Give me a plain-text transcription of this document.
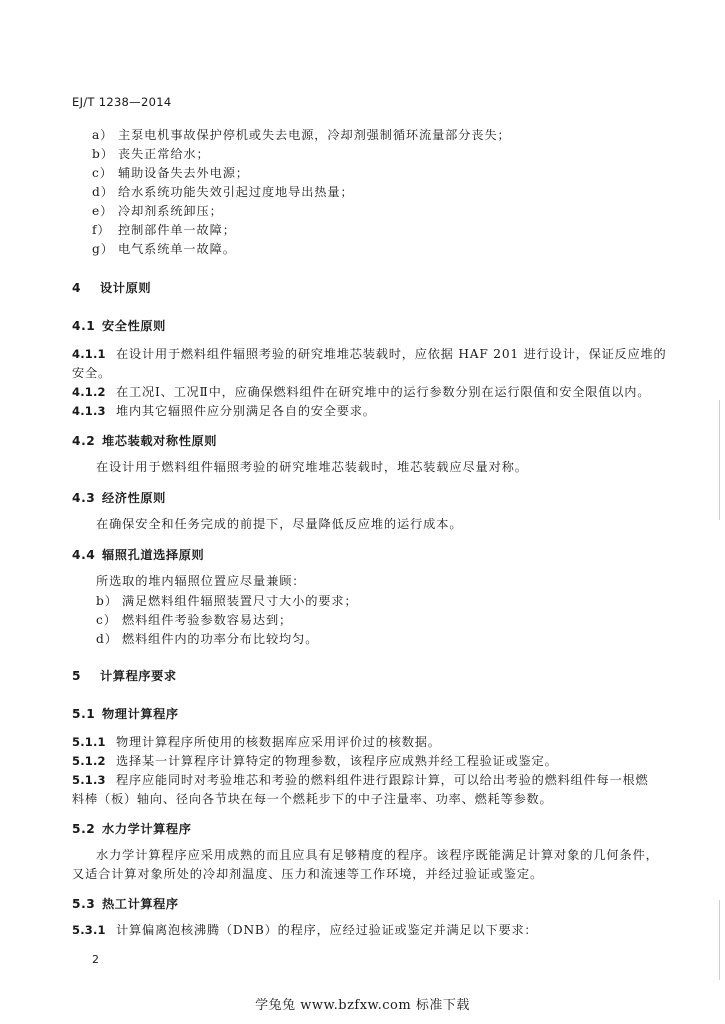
EJ/T 1238—2014
a） 主泵电机事故保护停机或失去电源，冷却剂强制循环流量部分丧失；
b） 丧失正常给水；
c） 辅助设备失去外电源；
d） 给水系统功能失效引起过度地导出热量；
e） 冷却剂系统卸压；
f） 控制部件单一故障；
g） 电气系统单一故障。
4 设计原则
4.1 安全性原则
4.1.1 在设计用于燃料组件辐照考验的研究堆堆芯装载时，应依据 HAF 201 进行设计，保证反应堆的
安全。
4.1.2 在工况Ⅰ、工况Ⅱ中，应确保燃料组件在研究堆中的运行参数分别在运行限值和安全限值以内。
4.1.3 堆内其它辐照件应分别满足各自的安全要求。
4.2 堆芯装载对称性原则
在设计用于燃料组件辐照考验的研究堆堆芯装载时，堆芯装载应尽量对称。
4.3 经济性原则
在确保安全和任务完成的前提下，尽量降低反应堆的运行成本。
4.4 辐照孔道选择原则
所选取的堆内辐照位置应尽量兼顾：
b） 满足燃料组件辐照装置尺寸大小的要求；
c） 燃料组件考验参数容易达到；
d） 燃料组件内的功率分布比较均匀。
5 计算程序要求
5.1 物理计算程序
5.1.1 物理计算程序所使用的核数据库应采用评价过的核数据。
5.1.2 选择某一计算程序计算特定的物理参数，该程序应成熟并经工程验证或鉴定。
5.1.3 程序应能同时对考验堆芯和考验的燃料组件进行跟踪计算，可以给出考验的燃料组件每一根燃
料棒（板）轴向、径向各节块在每一个燃耗步下的中子注量率、功率、燃耗等参数。
5.2 水力学计算程序
水力学计算程序应采用成熟的而且应具有足够精度的程序。该程序既能满足计算对象的几何条件，
又适合计算对象所处的冷却剂温度、压力和流速等工作环境，并经过验证或鉴定。
5.3 热工计算程序
5.3.1 计算偏离泡核沸腾（DNB）的程序，应经过验证或鉴定并满足以下要求：
2
学兔兔 www.bzfxw.com 标准下载
